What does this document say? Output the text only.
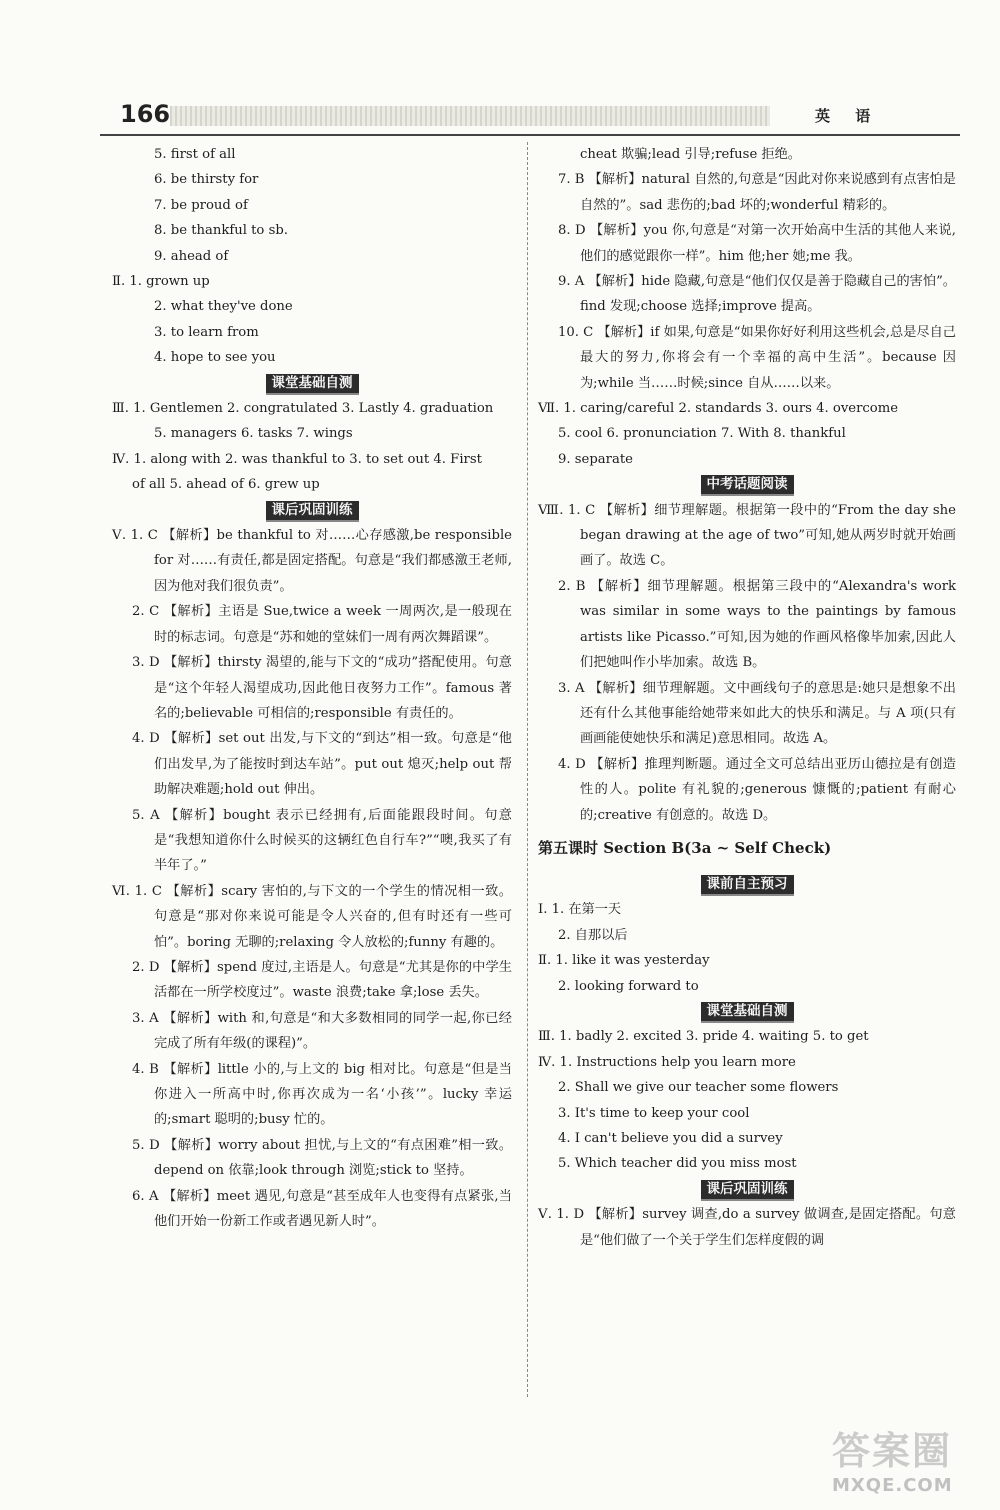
166	英 语
5. first of all
6. be thirsty for
7. be proud of
8. be thankful to sb.
9. ahead of
Ⅱ. 1. grown up
2. what they've done
3. to learn from
4. hope to see you
课堂基础自测
Ⅲ. 1. Gentlemen 2. congratulated 3. Lastly 4. graduation
5. managers 6. tasks 7. wings
Ⅳ. 1. along with 2. was thankful to 3. to set out 4. First
of all 5. ahead of 6. grew up
课后巩固训练
Ⅴ. 1. C 【解析】be thankful to 对……心存感激,be responsible for 对……有责任,都是固定搭配。句意是“我们都感激王老师,因为他对我们很负责”。
2. C 【解析】主语是 Sue,twice a week 一周两次,是一般现在时的标志词。句意是“苏和她的堂妹们一周有两次舞蹈课”。
3. D 【解析】thirsty 渴望的,能与下文的“成功”搭配使用。句意是“这个年轻人渴望成功,因此他日夜努力工作”。famous 著名的;believable 可相信的;responsible 有责任的。
4. D 【解析】set out 出发,与下文的“到达”相一致。句意是“他们出发早,为了能按时到达车站”。put out 熄灭;help out 帮助解决难题;hold out 伸出。
5. A 【解析】bought 表示已经拥有,后面能跟段时间。句意是“我想知道你什么时候买的这辆红色自行车?”“噢,我买了有半年了。”
Ⅵ. 1. C 【解析】scary 害怕的,与下文的一个学生的情况相一致。句意是“那对你来说可能是令人兴奋的,但有时还有一些可怕”。boring 无聊的;relaxing 令人放松的;funny 有趣的。
2. D 【解析】spend 度过,主语是人。句意是“尤其是你的中学生活都在一所学校度过”。waste 浪费;take 拿;lose 丢失。
3. A 【解析】with 和,句意是“和大多数相同的同学一起,你已经完成了所有年级(的课程)”。
4. B 【解析】little 小的,与上文的 big 相对比。句意是“但是当你进入一所高中时,你再次成为一名‘小孩’”。lucky 幸运的;smart 聪明的;busy 忙的。
5. D 【解析】worry about 担忧,与上文的“有点困难”相一致。depend on 依靠;look through 浏览;stick to 坚持。
6. A 【解析】meet 遇见,句意是“甚至成年人也变得有点紧张,当他们开始一份新工作或者遇见新人时”。
cheat 欺骗;lead 引导;refuse 拒绝。
7. B 【解析】natural 自然的,句意是“因此对你来说感到有点害怕是自然的”。sad 悲伤的;bad 坏的;wonderful 精彩的。
8. D 【解析】you 你,句意是“对第一次开始高中生活的其他人来说,他们的感觉跟你一样”。him 他;her 她;me 我。
9. A 【解析】hide 隐藏,句意是“他们仅仅是善于隐藏自己的害怕”。find 发现;choose 选择;improve 提高。
10. C 【解析】if 如果,句意是“如果你好好利用这些机会,总是尽自己最大的努力,你将会有一个幸福的高中生活”。because 因为;while 当……时候;since 自从……以来。
Ⅶ. 1. caring/careful 2. standards 3. ours 4. overcome
5. cool 6. pronunciation 7. With 8. thankful
9. separate
中考话题阅读
Ⅷ. 1. C 【解析】细节理解题。根据第一段中的“From the day she began drawing at the age of two”可知,她从两岁时就开始画画了。故选 C。
2. B 【解析】细节理解题。根据第三段中的“Alexandra's work was similar in some ways to the paintings by famous artists like Picasso.”可知,因为她的作画风格像毕加索,因此人们把她叫作小毕加索。故选 B。
3. A 【解析】细节理解题。文中画线句子的意思是:她只是想象不出还有什么其他事能给她带来如此大的快乐和满足。与 A 项(只有画画能使她快乐和满足)意思相同。故选 A。
4. D 【解析】推理判断题。通过全文可总结出亚历山德拉是有创造性的人。polite 有礼貌的;generous 慷慨的;patient 有耐心的;creative 有创意的。故选 D。
第五课时 Section B(3a ~ Self Check)
课前自主预习
Ⅰ. 1. 在第一天
2. 自那以后
Ⅱ. 1. like it was yesterday
2. looking forward to
课堂基础自测
Ⅲ. 1. badly 2. excited 3. pride 4. waiting 5. to get
Ⅳ. 1. Instructions help you learn more
2. Shall we give our teacher some flowers
3. It's time to keep your cool
4. I can't believe you did a survey
5. Which teacher did you miss most
课后巩固训练
Ⅴ. 1. D 【解析】survey 调查,do a survey 做调查,是固定搭配。句意是“他们做了一个关于学生们怎样度假的调
答案圈
MXQE.COM
